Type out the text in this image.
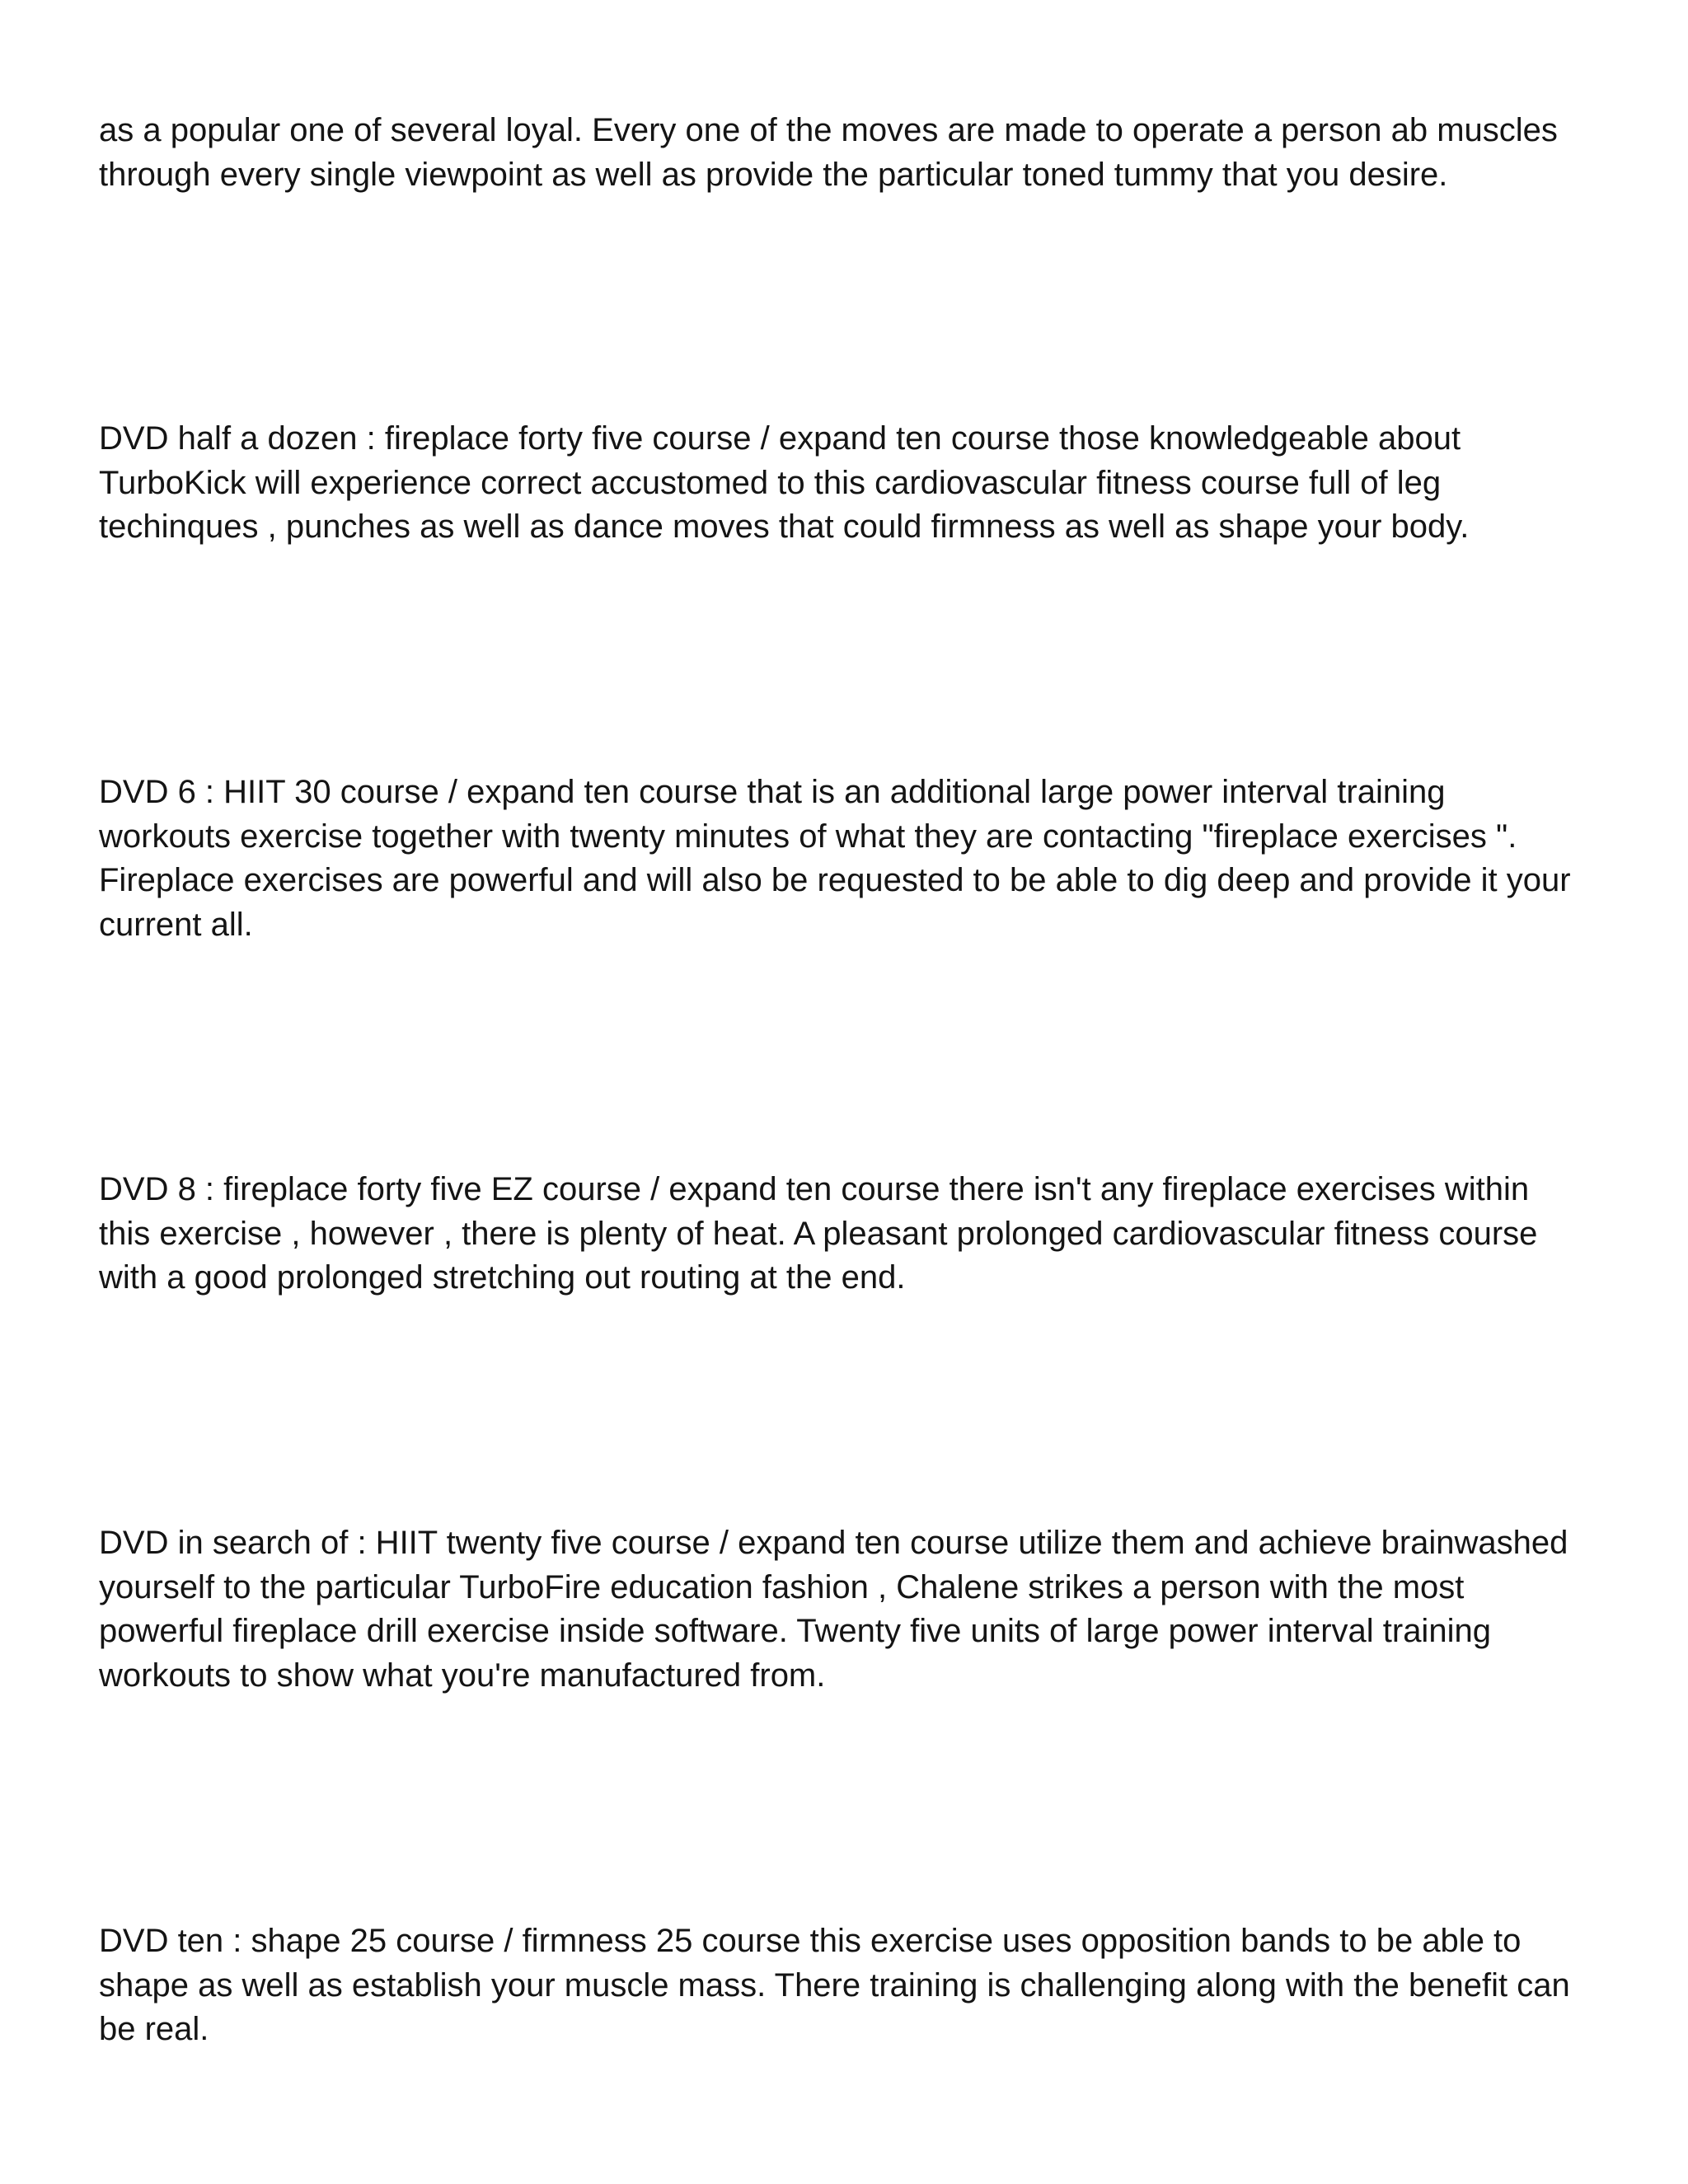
as a popular one of several loyal. Every one of the moves are made to operate a person ab muscles
through every single viewpoint as well as provide the particular toned tummy that you desire.

DVD half a dozen : fireplace forty five course / expand ten course those knowledgeable about
TurboKick will experience correct accustomed to this cardiovascular fitness course full of leg
techinques , punches as well as dance moves that could firmness as well as shape your body.

DVD 6 : HIIT 30 course / expand ten course that is an additional large power interval training
workouts exercise together with twenty minutes of what they are contacting "fireplace exercises ".
Fireplace exercises are powerful and will also be requested to be able to dig deep and provide it your
current all.

DVD 8 : fireplace forty five EZ course / expand ten course there isn't any fireplace exercises within
this exercise , however , there is plenty of heat. A pleasant prolonged cardiovascular fitness course
with a good prolonged stretching out routing at the end.

DVD in search of : HIIT twenty five course / expand ten course utilize them and achieve brainwashed
yourself to the particular TurboFire education fashion , Chalene strikes a person with the most
powerful fireplace drill exercise inside software. Twenty five units of large power interval training
workouts to show what you're manufactured from.

DVD ten : shape 25 course / firmness 25 course this exercise uses opposition bands to be able to
shape as well as establish your muscle mass. There training is challenging along with the benefit can
be real.
